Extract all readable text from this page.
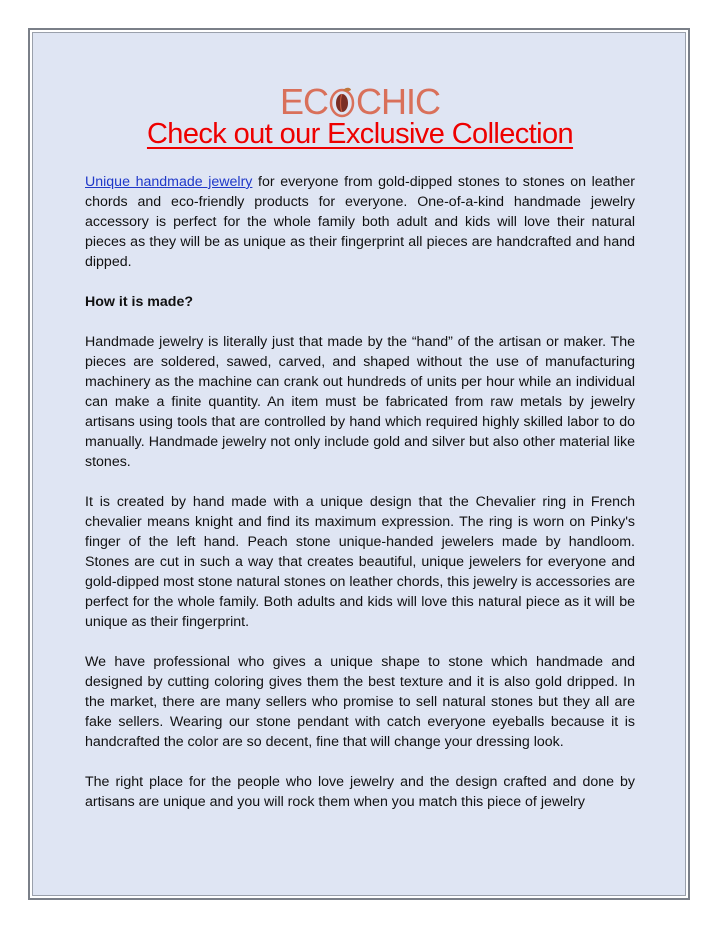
EC CHIC
Check out our Exclusive Collection

Unique handmade jewelry for everyone from gold-dipped stones to stones on leather chords and eco-friendly products for everyone. One-of-a-kind handmade jewelry accessory is perfect for the whole family both adult and kids will love their natural pieces as they will be as unique as their fingerprint all pieces are handcrafted and hand dipped.

How it is made?

Handmade jewelry is literally just that made by the “hand” of the artisan or maker. The pieces are soldered, sawed, carved, and shaped without the use of manufacturing machinery as the machine can crank out hundreds of units per hour while an individual can make a finite quantity. An item must be fabricated from raw metals by jewelry artisans using tools that are controlled by hand which required highly skilled labor to do manually. Handmade jewelry not only include gold and silver but also other material like stones.

It is created by hand made with a unique design that the Chevalier ring in French chevalier means knight and find its maximum expression. The ring is worn on Pinky's finger of the left hand. Peach stone unique-handed jewelers made by handloom. Stones are cut in such a way that creates beautiful, unique jewelers for everyone and gold-dipped most stone natural stones on leather chords, this jewelry is accessories are perfect for the whole family. Both adults and kids will love this natural piece as it will be unique as their fingerprint.

We have professional who gives a unique shape to stone which handmade and designed by cutting coloring gives them the best texture and it is also gold dripped. In the market, there are many sellers who promise to sell natural stones but they all are fake sellers. Wearing our stone pendant with catch everyone eyeballs because it is handcrafted the color are so decent, fine that will change your dressing look.

The right place for the people who love jewelry and the design crafted and done by artisans are unique and you will rock them when you match this piece of jewelry
